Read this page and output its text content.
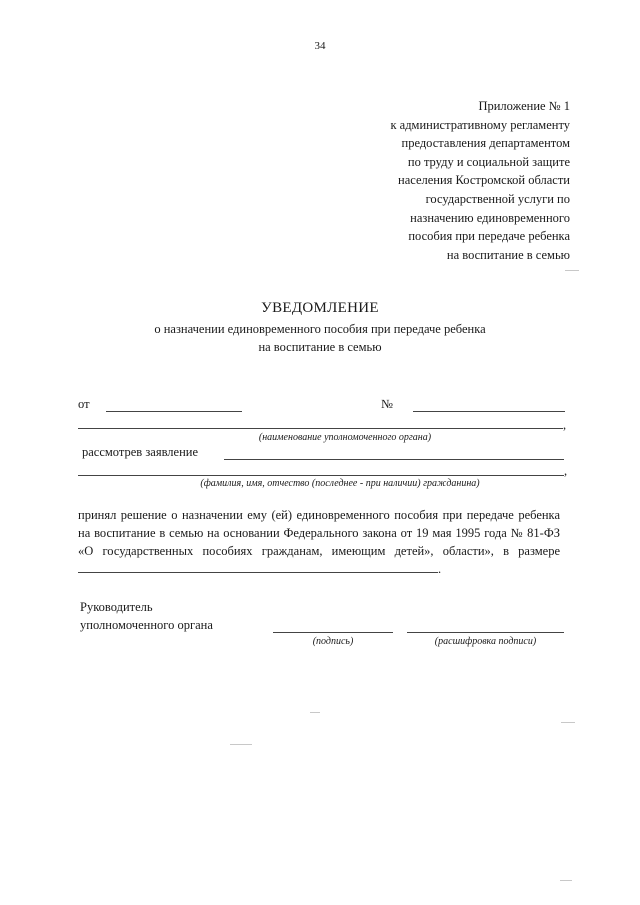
34
Приложение № 1
к административному регламенту
предоставления департаментом
по труду и социальной защите
населения Костромской области
государственной услуги по
назначению единовременного
пособия при передаче ребенка
на воспитание в семью
УВЕДОМЛЕНИЕ
о назначении единовременного пособия при передаче ребенка
на воспитание в семью
от	№
,
(наименование уполномоченного органа)
рассмотрев заявление
,
(фамилия, имя, отчество (последнее - при наличии) гражданина)
принял решение о назначении ему (ей) единовременного пособия при передаче ребенка на воспитание в семью на основании Федерального закона от 19 мая 1995 года № 81-ФЗ «О государственных пособиях гражданам, имеющим детей», области», в размере.
Руководитель
уполномоченного органа
(подпись)	(расшифровка подписи)
